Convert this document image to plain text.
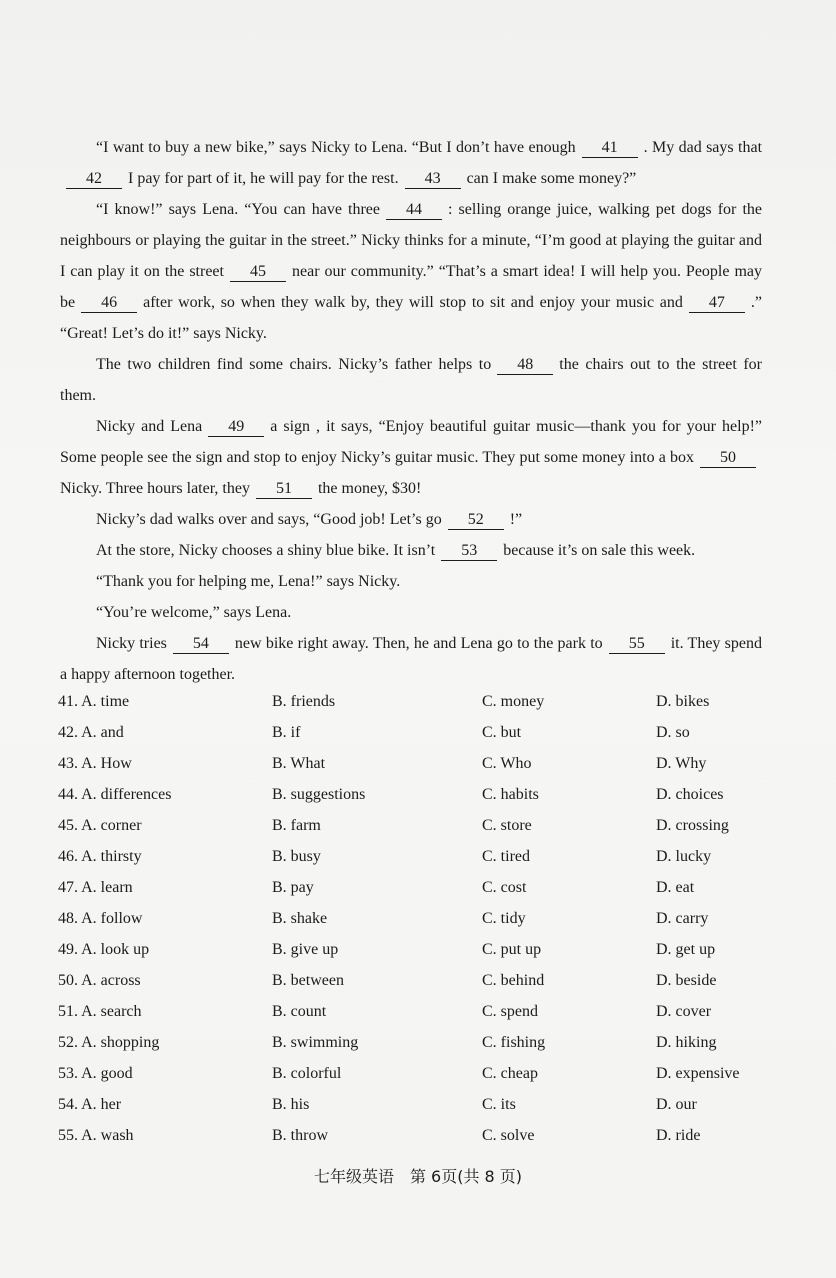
“I want to buy a new bike,” says Nicky to Lena. “But I don’t have enough 41 . My dad says that42 I pay for part of it, he will pay for the rest. 43 can I make some money?”

“I know!” says Lena. “You can have three 44 : selling orange juice, walking pet dogs for the neighbours or playing the guitar in the street.” Nicky thinks for a minute, “I’m good at playing the guitar and I can play it on the street 45 near our community.” “That’s a smart idea! I will help you. People may be 46 after work, so when they walk by, they will stop to sit and enjoy your music and 47 .” “Great! Let’s do it!” says Nicky.

The two children find some chairs. Nicky’s father helps to 48 the chairs out to the street for them.

Nicky and Lena 49 a sign , it says, “Enjoy beautiful guitar music—thank you for your help!” Some people see the sign and stop to enjoy Nicky’s guitar music. They put some money into a box 50Nicky. Three hours later, they 51 the money, $30!

Nicky’s dad walks over and says, “Good job! Let’s go 52 !”

At the store, Nicky chooses a shiny blue bike. It isn’t 53 because it’s on sale this week.

“Thank you for helping me, Lena!” says Nicky.

“You’re welcome,” says Lena.

Nicky tries 54 new bike right away. Then, he and Lena go to the park to 55 it. They spend a happy afternoon together.

41. A. time	B. friends	C. money	D. bikes
42. A. and	B. if	C. but	D. so
43. A. How	B. What	C. Who	D. Why
44. A. differences	B. suggestions	C. habits	D. choices
45. A. corner	B. farm	C. store	D. crossing
46. A. thirsty	B. busy	C. tired	D. lucky
47. A. learn	B. pay	C. cost	D. eat
48. A. follow	B. shake	C. tidy	D. carry
49. A. look up	B. give up	C. put up	D. get up
50. A. across	B. between	C. behind	D. beside
51. A. search	B. count	C. spend	D. cover
52. A. shopping	B. swimming	C. fishing	D. hiking
53. A. good	B. colorful	C. cheap	D. expensive
54. A. her	B. his	C. its	D. our
55. A. wash	B. throw	C. solve	D. ride
七年级英语　第 6页(共 8 页)
